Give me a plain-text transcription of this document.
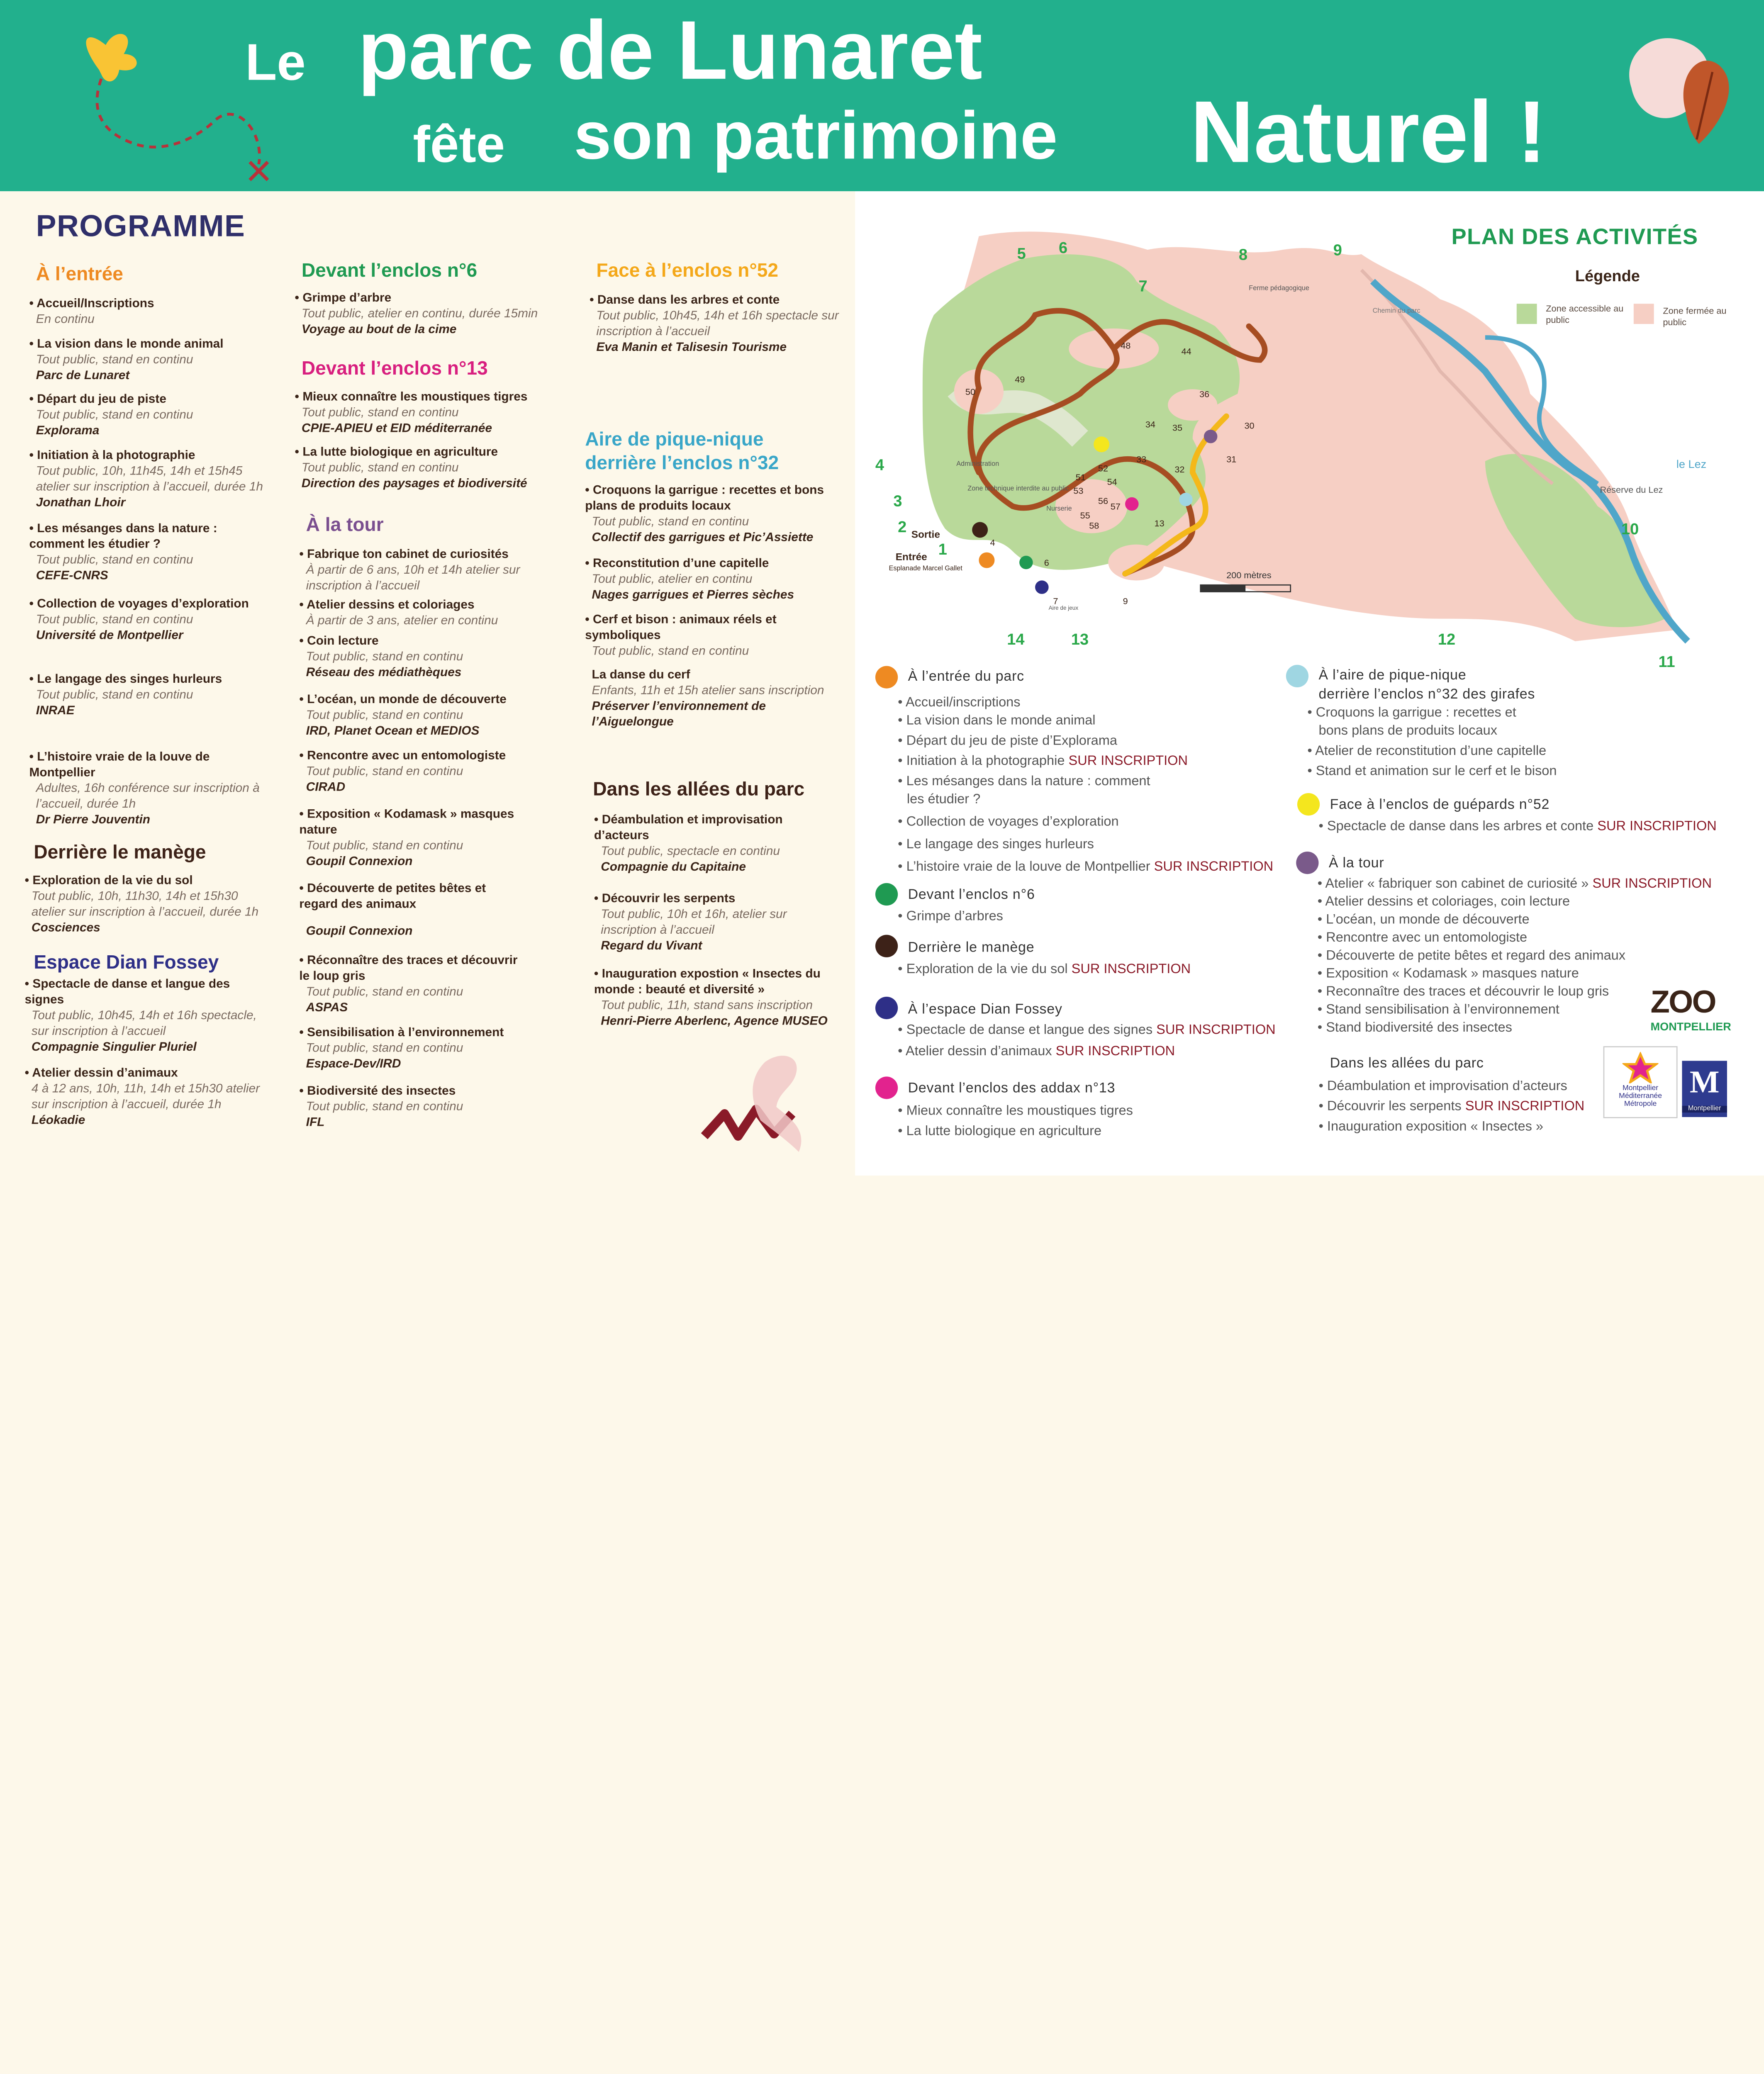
Le parc de Lunaret
fête	son patrimoine	Naturel !
PROGRAMME
À l’entrée
• Accueil/Inscriptions
En continu
• La vision dans le monde animal
Tout public, stand en continu
Parc de Lunaret
• Départ du jeu de piste
Tout public, stand en continu
Explorama
• Initiation à la photographie
Tout public, 10h, 11h45, 14h et 15h45 atelier sur inscription à l’accueil, durée 1h
Jonathan Lhoir
• Les mésanges dans la nature : comment les étudier ?
Tout public, stand en continu
CEFE-CNRS
• Collection de voyages d’exploration
Tout public, stand en continu
Université de Montpellier
• Le langage des singes hurleurs
Tout public, stand en continu
INRAE
• L’histoire vraie de la louve de Montpellier
Adultes, 16h conférence sur inscription à l’accueil, durée 1h
Dr Pierre Jouventin
Derrière le manège
• Exploration de la vie du sol
Tout public, 10h, 11h30, 14h et 15h30 atelier sur inscription à l’accueil, durée 1h
Cosciences
Espace Dian Fossey
• Spectacle de danse et langue des signes
Tout public, 10h45, 14h et 16h spectacle, sur inscription à l’accueil
Compagnie Singulier Pluriel
• Atelier dessin d’animaux
4 à 12 ans, 10h, 11h, 14h et 15h30 atelier sur inscription à l’accueil, durée 1h
Léokadie
Devant l’enclos n°6
• Grimpe d’arbre
Tout public, atelier en continu, durée 15min
Voyage au bout de la cime
Devant l’enclos n°13
• Mieux connaître les moustiques tigres
Tout public, stand en continu
CPIE-APIEU et EID méditerranée
• La lutte biologique en agriculture
Tout public, stand en continu
Direction des paysages et biodiversité
À la tour
• Fabrique ton cabinet de curiosités
À partir de 6 ans, 10h et 14h atelier sur inscription à l’accueil
• Atelier dessins et coloriages
À partir de 3 ans, atelier en continu
• Coin lecture
Tout public, stand en continu
Réseau des médiathèques
• L’océan, un monde de découverte
Tout public, stand en continu
IRD, Planet Ocean et MEDIOS
• Rencontre avec un entomologiste
Tout public, stand en continu
CIRAD
• Exposition « Kodamask » masques nature
Tout public, stand en continu
Goupil Connexion
• Découverte de petites bêtes et regard des animaux
Goupil Connexion
• Réconnaître des traces et découvrir le loup gris
Tout public, stand en continu
ASPAS
• Sensibilisation à l’environnement
Tout public, stand en continu
Espace-Dev/IRD
• Biodiversité des insectes
Tout public, stand en continu
IFL
Face à l’enclos n°52
• Danse dans les arbres et conte
Tout public, 10h45, 14h et 16h spectacle sur inscription à l’accueil
Eva Manin et Talisesin Tourisme
Aire de pique-nique derrière l’enclos n°32
• Croquons la garrigue : recettes et bons plans de produits locaux
Tout public, stand en continu
Collectif des garrigues et Pic’Assiette
• Reconstitution d’une capitelle
Tout public, atelier en continu
Nages garrigues et Pierres sèches
• Cerf et bison : animaux réels et symboliques
Tout public, stand en continu
La danse du cerf
Enfants, 11h et 15h atelier sans inscription
Préserver l’environnement de l’Aiguelongue
Dans les allées du parc
• Déambulation et improvisation d’acteurs
Tout public, spectacle en continu
Compagnie du Capitaine
• Découvrir les serpents
Tout public, 10h et 16h, atelier sur inscription à l’accueil
Regard du Vivant
• Inauguration expostion « Insectes du monde : beauté et diversité »
Tout public, 11h, stand sans inscription
Henri-Pierre Aberlenc, Agence MUSEO
PLAN DES ACTIVITÉS
Légende
Zone accessible au public
Zone fermée au public
200 mètres
Administration
Zone technique interdite au public
Nurserie
Ferme pédagogique
Réserve du Lez
le Lez
Chemin du parc
Aire de jeux
Entrée
Sortie
Esplanade Marcel Gallet
1
2
3
4
5	6
7
8	9
10
11
12
13
14
50
49
48
44
36
30
34	35
33	31
32
51
52
53
54
56
55
57
58	13
4
6
7	9
À l’entrée du parc
• Accueil/inscriptions
• La vision dans le monde animal
• Départ du jeu de piste d’Explorama
• Initiation à la photographie SUR INSCRIPTION
• Les mésanges dans la nature : comment
les étudier ?
• Collection de voyages d’exploration
• Le langage des singes hurleurs
• L’histoire vraie de la louve de Montpellier SUR INSCRIPTION
Devant l’enclos n°6
• Grimpe d’arbres
Derrière le manège
• Exploration de la vie du sol SUR INSCRIPTION
À l’espace Dian Fossey
• Spectacle de danse et langue des signes SUR INSCRIPTION
• Atelier dessin d’animaux SUR INSCRIPTION
Devant l’enclos des addax n°13
• Mieux connaître les moustiques tigres
• La lutte biologique en agriculture
À l’aire de pique-nique
derrière l’enclos n°32 des girafes
• Croquons la garrigue : recettes et
bons plans de produits locaux
• Atelier de reconstitution d’une capitelle
• Stand et animation sur le cerf et le bison
Face à l’enclos de guépards n°52
• Spectacle de danse dans les arbres et conte SUR INSCRIPTION
À la tour
• Atelier « fabriquer son cabinet de curiosité » SUR INSCRIPTION
• Atelier dessins et coloriages, coin lecture
• L’océan, un monde de découverte
• Rencontre avec un entomologiste
• Découverte de petite bêtes et regard des animaux
• Exposition « Kodamask » masques nature
• Reconnaître des traces et découvrir le loup gris
• Stand sensibilisation à l’environnement
• Stand biodiversité des insectes
Dans les allées du parc
• Déambulation et improvisation d’acteurs
• Découvrir les serpents SUR INSCRIPTION
• Inauguration exposition « Insectes »
ZOO
MONTPELLIER
Montpellier
Méditerranée
Métropole
M
Montpellier
